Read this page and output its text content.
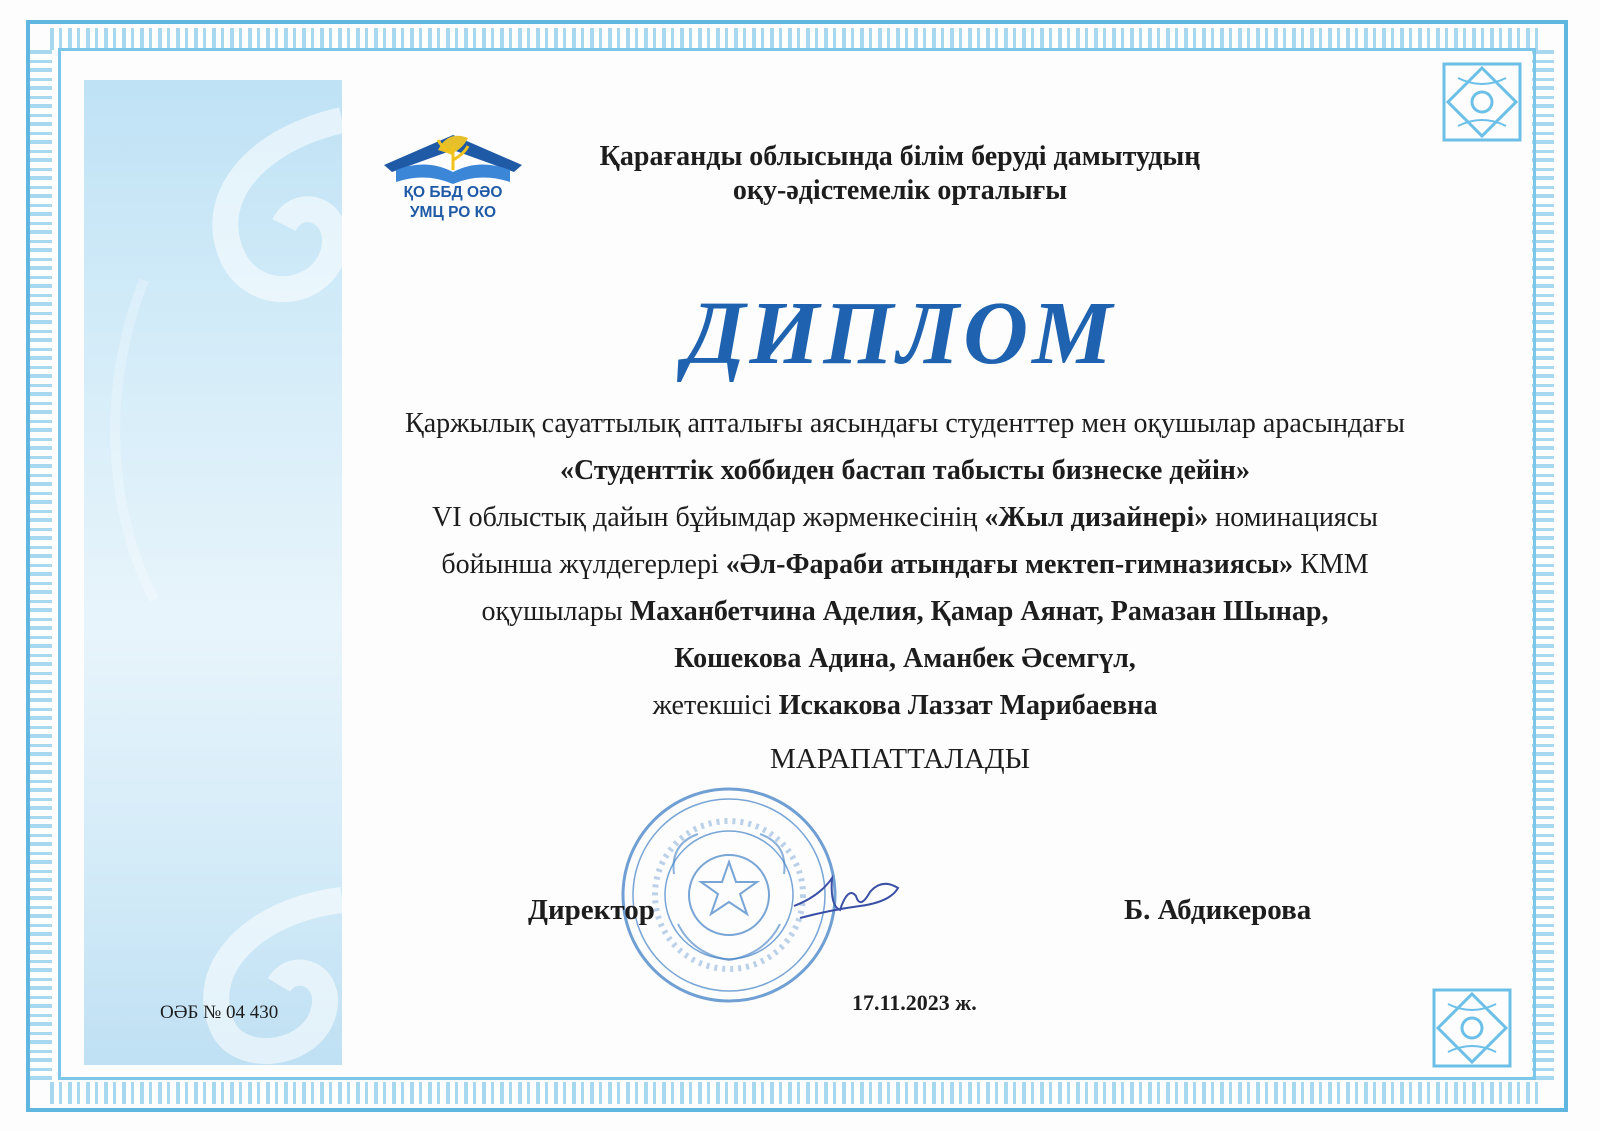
ҚО ББД ОӘО
УМЦ РО КО
Қарағанды облысында білім беруді дамытудың
оқу-әдістемелік орталығы
ДИПЛОМ
Қаржылық сауаттылық апталығы аясындағы студенттер мен оқушылар арасындағы
«Студенттік хоббиден бастап табысты бизнеске дейін»
VI облыстық дайын бұйымдар жәрменкесінің «Жыл дизайнері» номинациясы
бойынша жүлдегерлері «Әл-Фараби атындағы мектеп-гимназиясы» КММ
оқушылары Маханбетчина Аделия, Қамар Аянат, Рамазан Шынар,
Кошекова Адина, Аманбек Әсемгүл,
жетекшісі Искакова Лаззат Марибаевна
МАРАПАТТАЛАДЫ
Директор	Б. Абдикерова
17.11.2023 ж.
ОӘБ № 04 430
